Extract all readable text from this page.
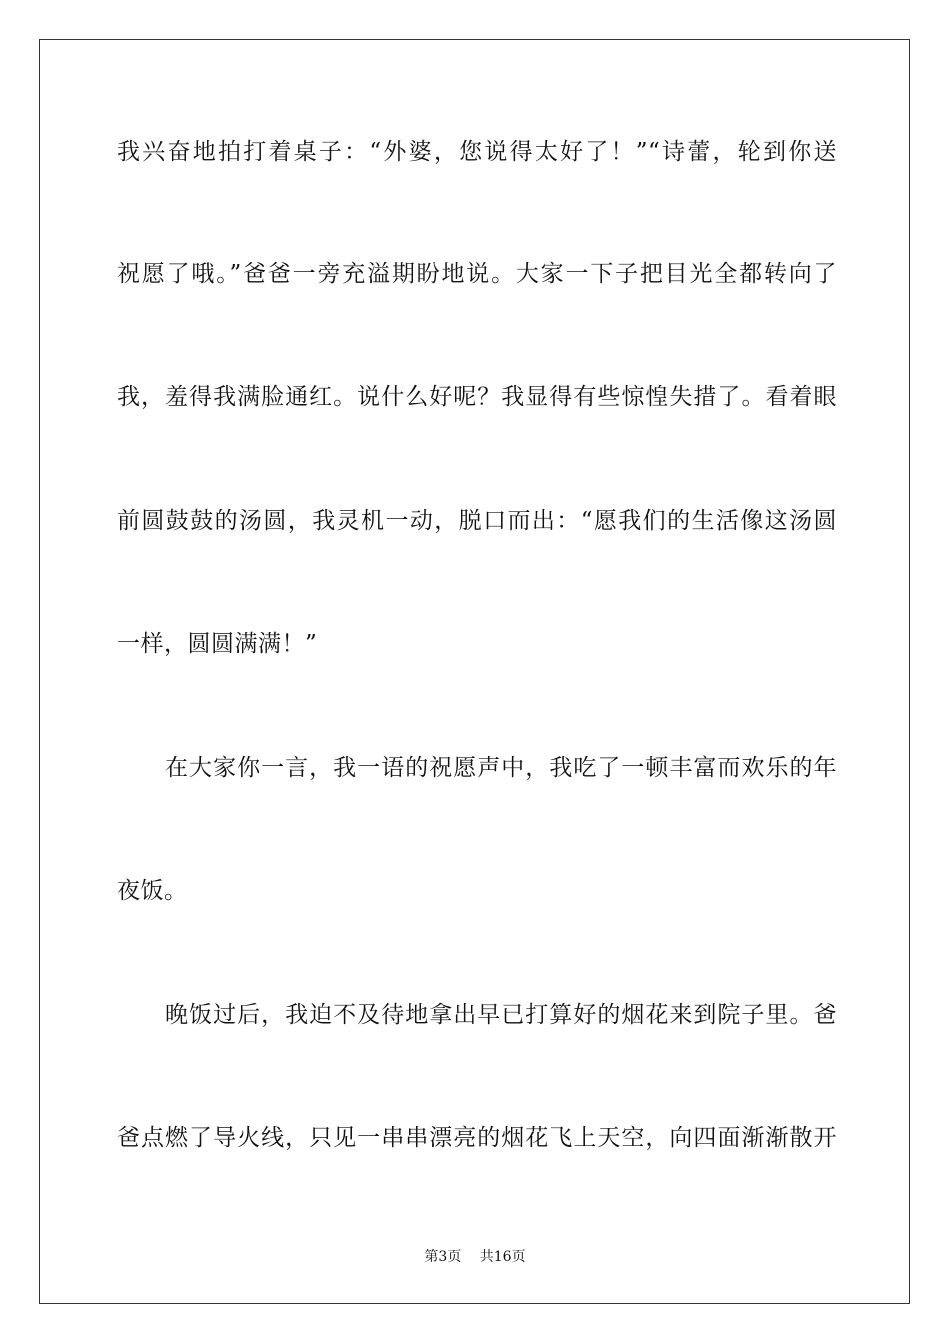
我兴奋地拍打着桌子：“外婆，您说得太好了！”“诗蕾，轮到你送
祝愿了哦。”爸爸一旁充溢期盼地说。大家一下子把目光全都转向了
我，羞得我满脸通红。说什么好呢？我显得有些惊惶失措了。看着眼
前圆鼓鼓的汤圆，我灵机一动，脱口而出：“愿我们的生活像这汤圆
一样，圆圆满满！”
　　在大家你一言，我一语的祝愿声中，我吃了一顿丰富而欢乐的年
夜饭。
　　晚饭过后，我迫不及待地拿出早已打算好的烟花来到院子里。爸
爸点燃了导火线，只见一串串漂亮的烟花飞上天空，向四面渐渐散开
第3页　 共16页
